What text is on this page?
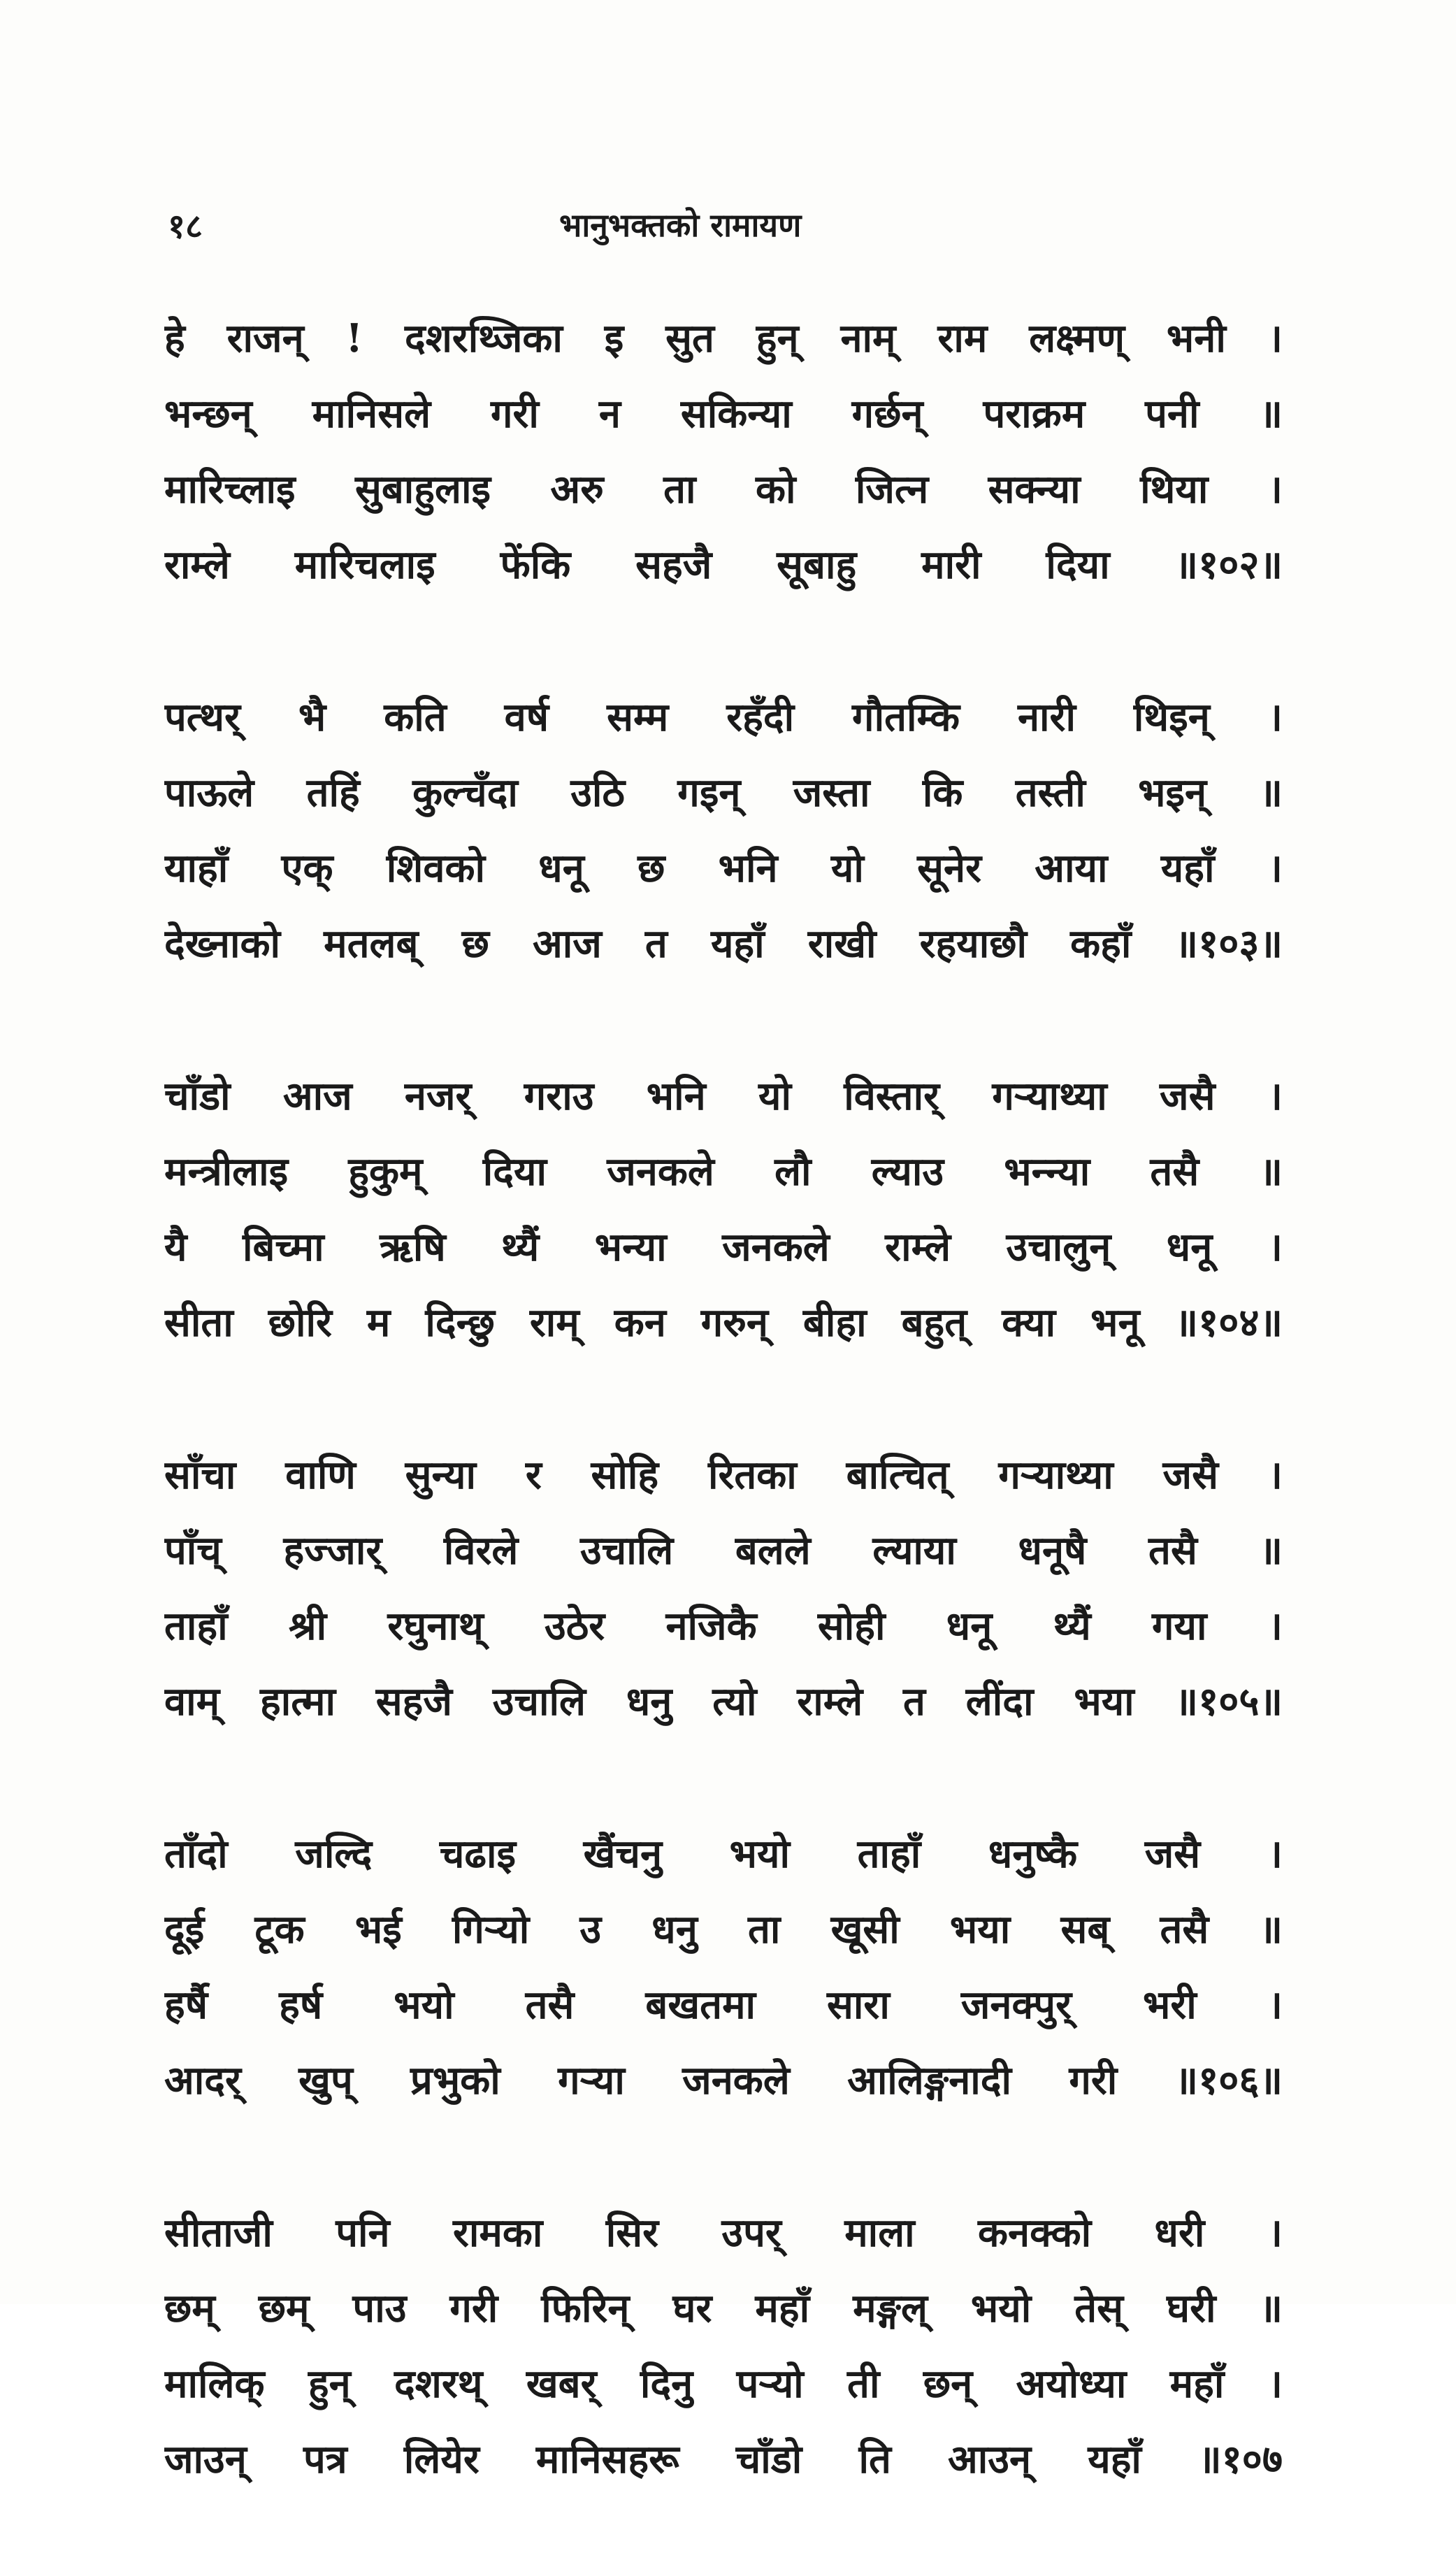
१८	भानुभक्तको रामायण
हे राजन् ! दशरथ्जिका इ सुत हुन् नाम् राम लक्ष्मण् भनी ।
भन्छन् मानिसले गरी न सकिन्या गर्छन् पराक्रम पनी ॥
मारिच्लाइ सुबाहुलाइ अरु ता को जित्न सक्न्या थिया ।
राम्ले मारिचलाइ फेंकि सहजै सूबाहु मारी दिया ॥१०२॥
पत्थर् भै कति वर्ष सम्म रहँदी गौतम्कि नारी थिइन् ।
पाऊले तहिं कुल्चँदा उठि गइन् जस्ता कि तस्ती भइन् ॥
याहाँ एक् शिवको धनू छ भनि यो सूनेर आया यहाँ ।
देख्नाको मतलब् छ आज त यहाँ राखी रहयाछौ कहाँ ॥१०३॥
चाँडो आज नजर् गराउ भनि यो विस्तार् गऱ्याथ्या जसै ।
मन्त्रीलाइ हुकुम् दिया जनकले लौ ल्याउ भन्न्या तसै ॥
यै बिच्मा ऋषि थ्यैं भन्या जनकले राम्ले उचालुन् धनू ।
सीता छोरि म दिन्छु राम् कन गरुन् बीहा बहुत् क्या भनू ॥१०४॥
साँचा वाणि सुन्या र सोहि रितका बात्चित् गऱ्याथ्या जसै ।
पाँच् हज्जार् विरले उचालि बलले ल्याया धनूषै तसै ॥
ताहाँ श्री रघुनाथ् उठेर नजिकै सोही धनू थ्यैं गया ।
वाम् हात्मा सहजै उचालि धनु त्यो राम्ले त लींदा भया ॥१०५॥
ताँदो जल्दि चढाइ खैंचनु भयो ताहाँ धनुष्कै जसै ।
दूई टूक भई गिऱ्यो उ धनु ता खूसी भया सब् तसै ॥
हर्षै हर्ष भयो तसै बखतमा सारा जनक्पुर् भरी ।
आदर् खुप् प्रभुको गऱ्या जनकले आलिङ्गनादी गरी ॥१०६॥
सीताजी पनि रामका सिर उपर् माला कनक्को धरी ।
छम् छम् पाउ गरी फिरिन् घर महाँ मङ्गल् भयो तेस् घरी ॥
मालिक् हुन् दशरथ् खबर् दिनु पऱ्यो ती छन् अयोध्या महाँ ।
जाउन् पत्र लियेर मानिसहरू चाँडो ति आउन् यहाँ ॥१०७
